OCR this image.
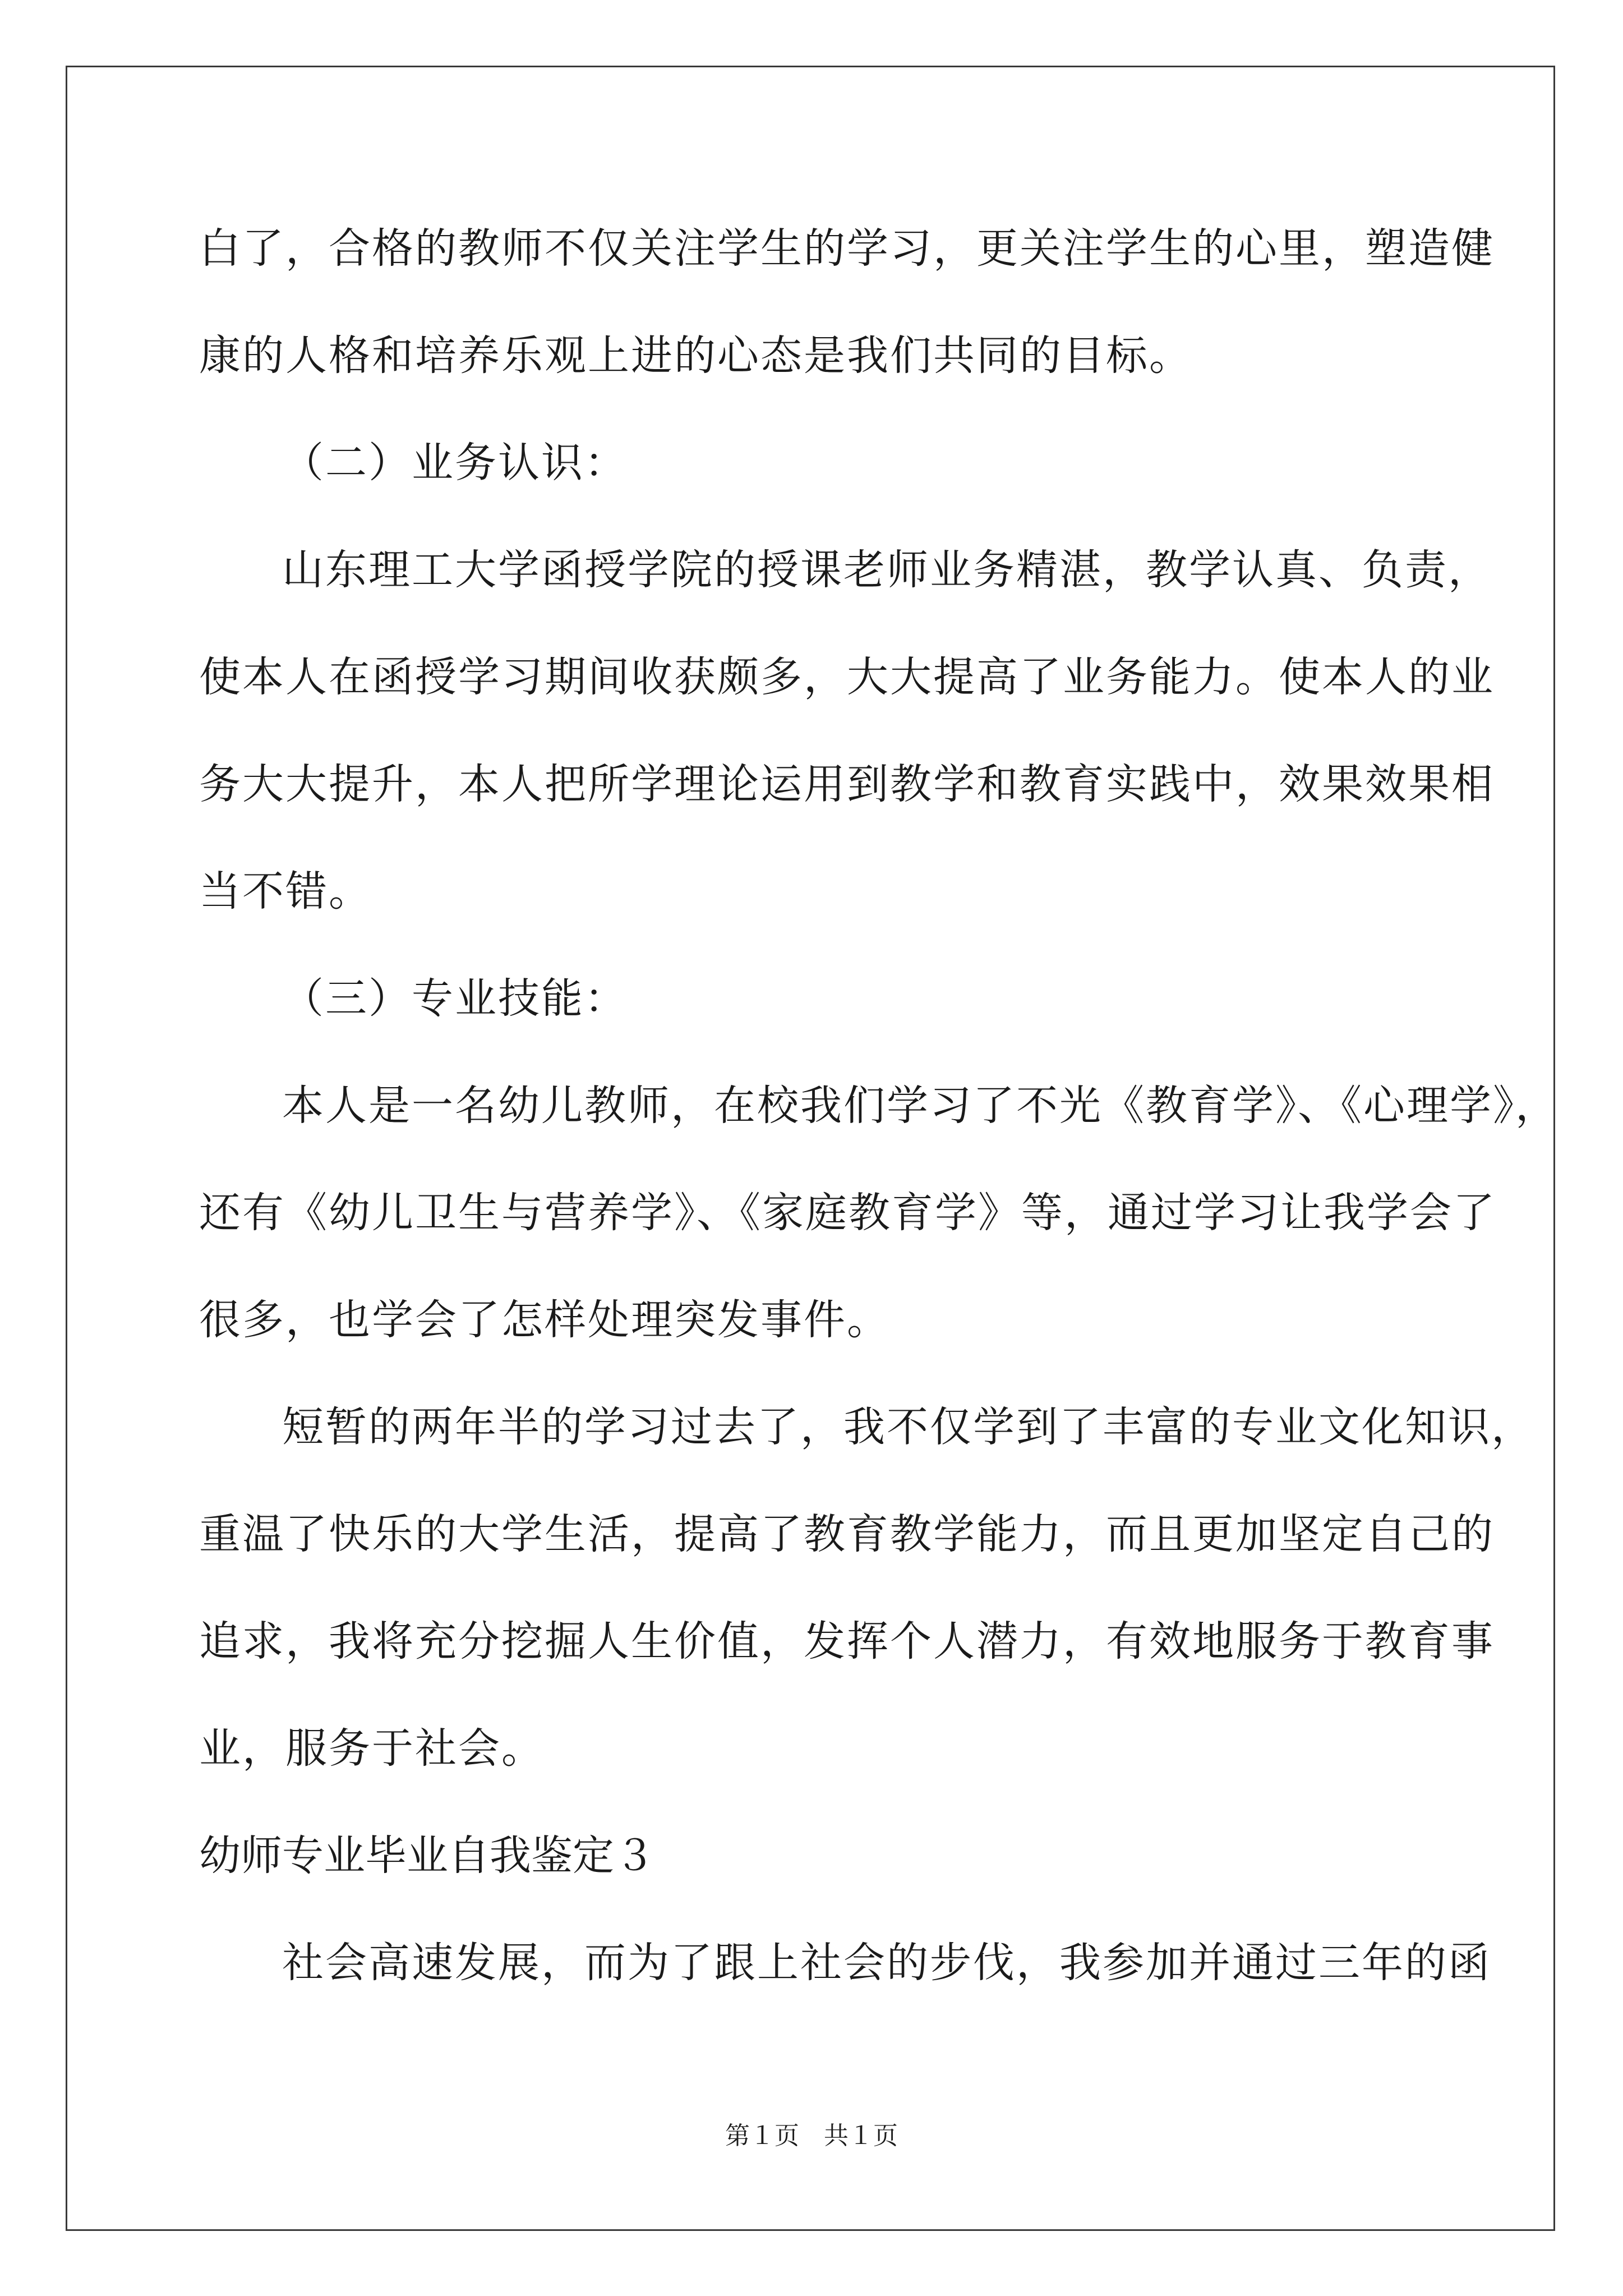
白了，合格的教师不仅关注学生的学习，更关注学生的心里，塑造健
康的人格和培养乐观上进的心态是我们共同的目标。
（二）业务认识：
山东理工大学函授学院的授课老师业务精湛，教学认真、负责，
使本人在函授学习期间收获颇多，大大提高了业务能力。使本人的业
务大大提升，本人把所学理论运用到教学和教育实践中，效果效果相
当不错。
（三）专业技能：
本人是一名幼儿教师，在校我们学习了不光《教育学》、《心理学》，
还有《幼儿卫生与营养学》、《家庭教育学》等，通过学习让我学会了
很多，也学会了怎样处理突发事件。
短暂的两年半的学习过去了，我不仅学到了丰富的专业文化知识，
重温了快乐的大学生活，提高了教育教学能力，而且更加坚定自己的
追求，我将充分挖掘人生价值，发挥个人潜力，有效地服务于教育事
业，服务于社会。
幼师专业毕业自我鉴定３
社会高速发展，而为了跟上社会的步伐，我参加并通过三年的函
第１页　共１页
